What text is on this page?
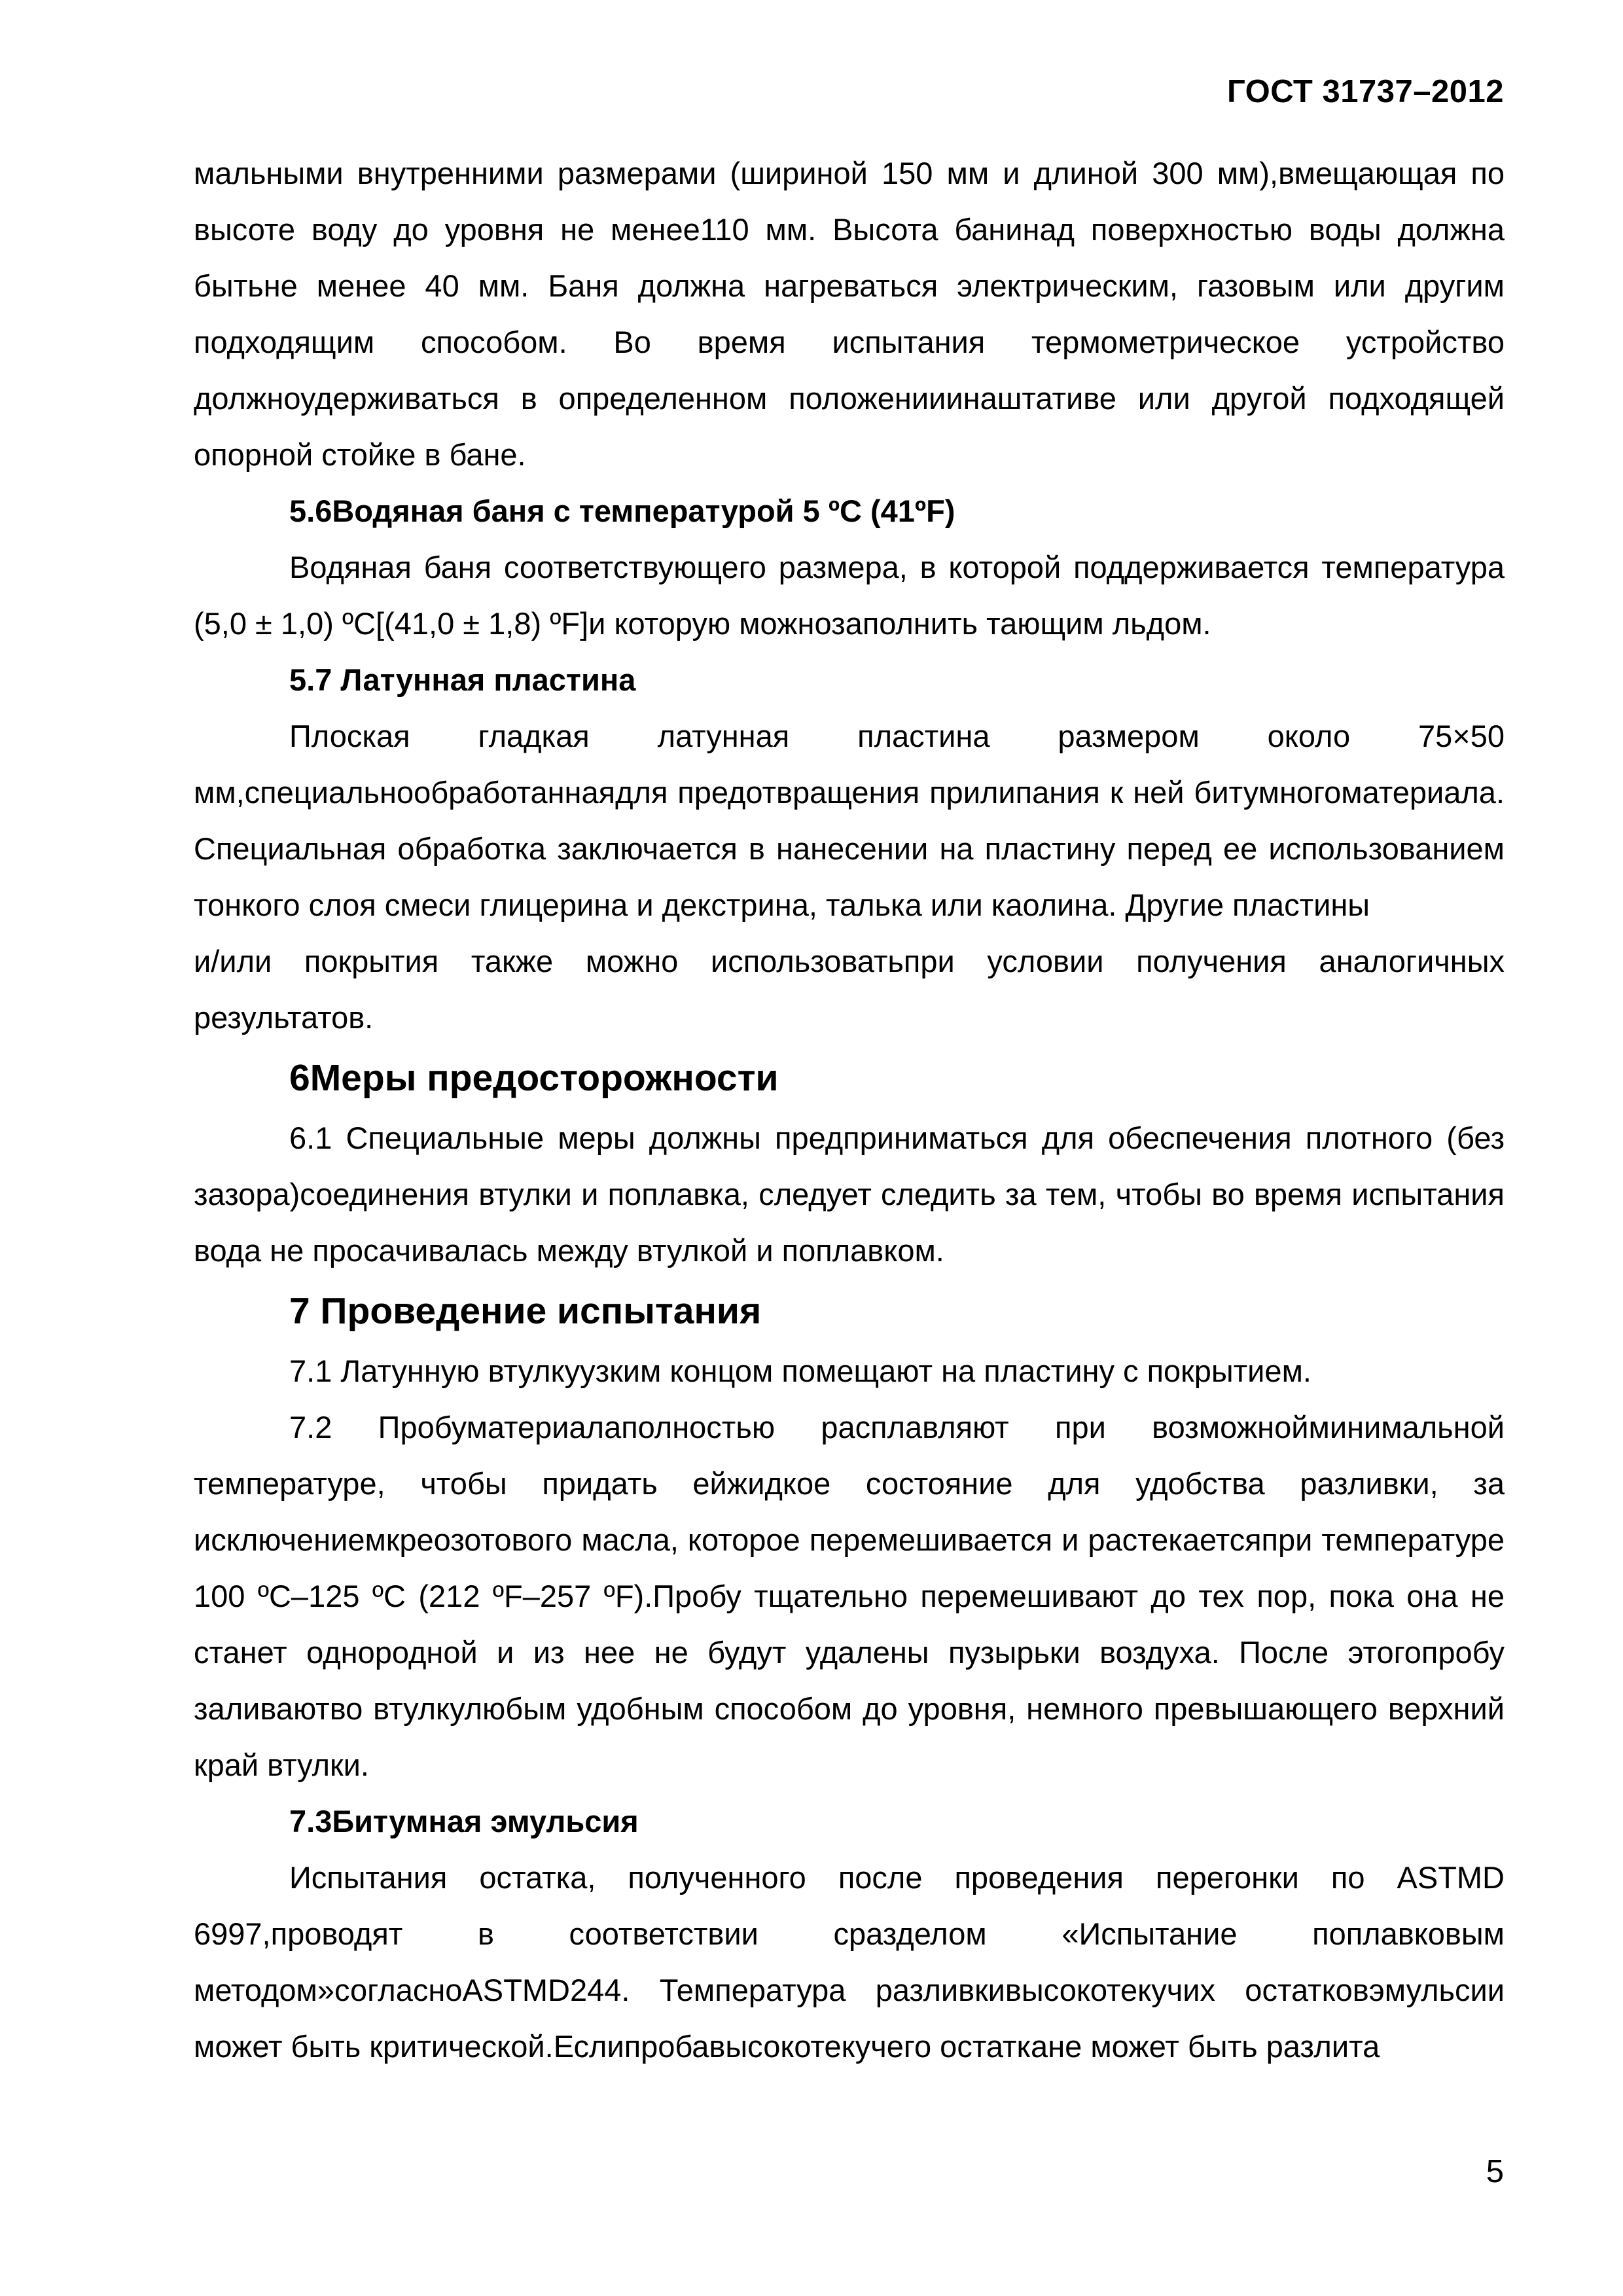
ГОСТ 31737–2012

мальными внутренними размерами (шириной 150 мм и длиной 300 мм),вмещающая по высоте воду до уровня не менее110 мм. Высота банинад поверхностью воды должна бытьне менее 40 мм. Баня должна нагреваться электрическим, газовым или другим подходящим способом. Во время испытания термометрическое устройство должноудерживаться в определенном положенииинаштативе или другой подходящей опорной стойке в бане.

5.6Водяная баня с температурой 5 ºС (41ºF)

Водяная баня соответствующего размера, в которой поддерживается температура (5,0 ± 1,0) ºС[(41,0 ± 1,8) ºF]и которую можнозаполнить тающим льдом.

5.7 Латунная пластина

Плоская гладкая латунная пластина размером около 75×50 мм,специальнообработаннаядля предотвращения прилипания к ней битумногоматериала. Специальная обработка заключается в нанесении на пластину перед ее использованием тонкого слоя смеси глицерина и декстрина, талька или каолина. Другие пластины

и/или покрытия также можно использоватьпри условии получения аналогичных результатов.

6Меры предосторожности

6.1 Специальные меры должны предприниматься для обеспечения плотного (без зазора)соединения втулки и поплавка, следует следить за тем, чтобы во время испытания вода не просачивалась между втулкой и поплавком.

7 Проведение испытания

7.1 Латунную втулкуузким концом помещают на пластину с покрытием.

7.2 Пробуматериалаполностью расплавляют при возможнойминимальной температуре, чтобы придать ейжидкое состояние для удобства разливки, за исключениемкреозотового масла, которое перемешивается и растекаетсяпри температуре 100 ºС–125 ºС (212 ºF–257 ºF).Пробу тщательно перемешивают до тех пор, пока она не станет однородной и из нее не будут удалены пузырьки воздуха. После этогопробу заливаютво втулкулюбым удобным способом до уровня, немного превышающего верхний край втулки.

7.3Битумная эмульсия

Испытания остатка, полученного после проведения перегонки по ASTMD 6997,проводят в соответствии сразделом «Испытание поплавковым методом»согласноASTMD244. Температура разливкивысокотекучих остатковэмульсии может быть критической.Еслипробавысокотекучего остаткане может быть разлита

5
